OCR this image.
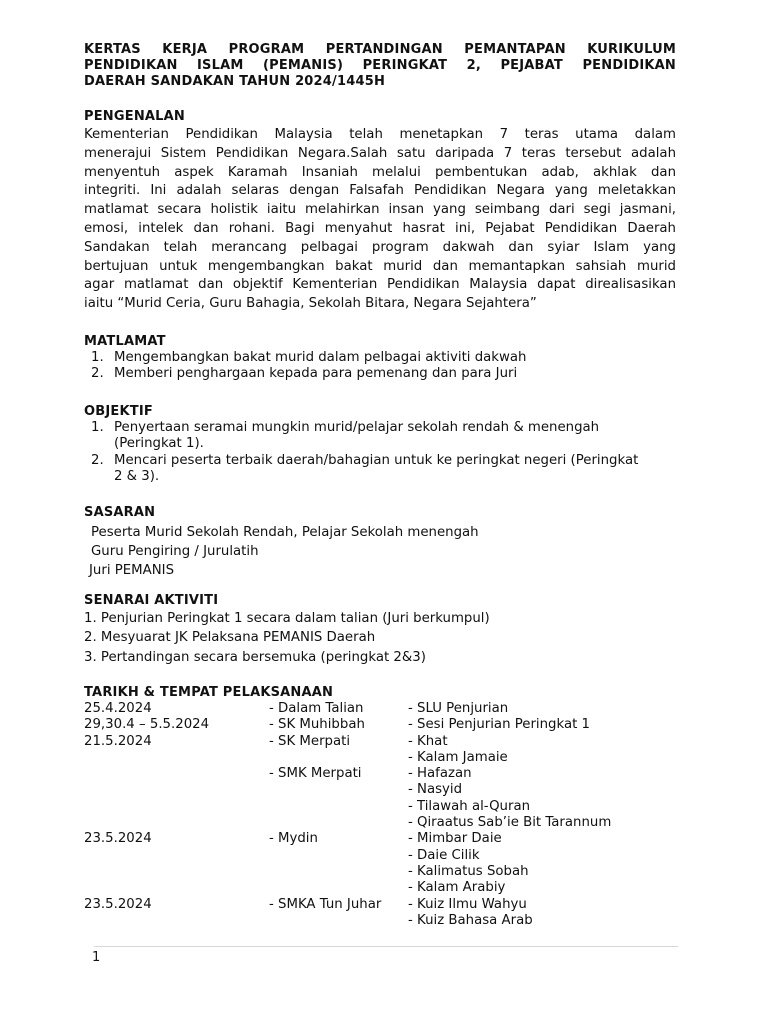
KERTAS KERJA PROGRAM PERTANDINGAN PEMANTAPAN KURIKULUM
PENDIDIKAN ISLAM (PEMANIS) PERINGKAT 2, PEJABAT PENDIDIKAN
DAERAH SANDAKAN TAHUN 2024/1445H
PENGENALAN
Kementerian Pendidikan Malaysia telah menetapkan 7 teras utama dalam
menerajui Sistem Pendidikan Negara.Salah satu daripada 7 teras tersebut adalah
menyentuh aspek Karamah Insaniah melalui pembentukan adab, akhlak dan
integriti. Ini adalah selaras dengan Falsafah Pendidikan Negara yang meletakkan
matlamat secara holistik iaitu melahirkan insan yang seimbang dari segi jasmani,
emosi, intelek dan rohani. Bagi menyahut hasrat ini, Pejabat Pendidikan Daerah
Sandakan telah merancang pelbagai program dakwah dan syiar Islam yang
bertujuan untuk mengembangkan bakat murid dan memantapkan sahsiah murid
agar matlamat dan objektif Kementerian Pendidikan Malaysia dapat direalisasikan
iaitu “Murid Ceria, Guru Bahagia, Sekolah Bitara, Negara Sejahtera”
MATLAMAT
1. Mengembangkan bakat murid dalam pelbagai aktiviti dakwah
2. Memberi penghargaan kepada para pemenang dan para Juri
OBJEKTIF
1. Penyertaan seramai mungkin murid/pelajar sekolah rendah & menengah
(Peringkat 1).
2. Mencari peserta terbaik daerah/bahagian untuk ke peringkat negeri (Peringkat
2 & 3).
SASARAN
Peserta Murid Sekolah Rendah, Pelajar Sekolah menengah
Guru Pengiring / Jurulatih
Juri PEMANIS
SENARAI AKTIVITI
1. Penjurian Peringkat 1 secara dalam talian (Juri berkumpul)
2. Mesyuarat JK Pelaksana PEMANIS Daerah
3. Pertandingan secara bersemuka (peringkat 2&3)
TARIKH & TEMPAT PELAKSANAAN
25.4.2024	- Dalam Talian	- SLU Penjurian
29,30.4 – 5.5.2024	- SK Muhibbah	- Sesi Penjurian Peringkat 1
21.5.2024	- SK Merpati	- Khat
- Kalam Jamaie
- SMK Merpati	- Hafazan
- Nasyid
- Tilawah al-Quran
- Qiraatus Sab’ie Bit Tarannum
23.5.2024	- Mydin	- Mimbar Daie
- Daie Cilik
- Kalimatus Sobah
- Kalam Arabiy
23.5.2024	- SMKA Tun Juhar - Kuiz Ilmu Wahyu
- Kuiz Bahasa Arab
1
